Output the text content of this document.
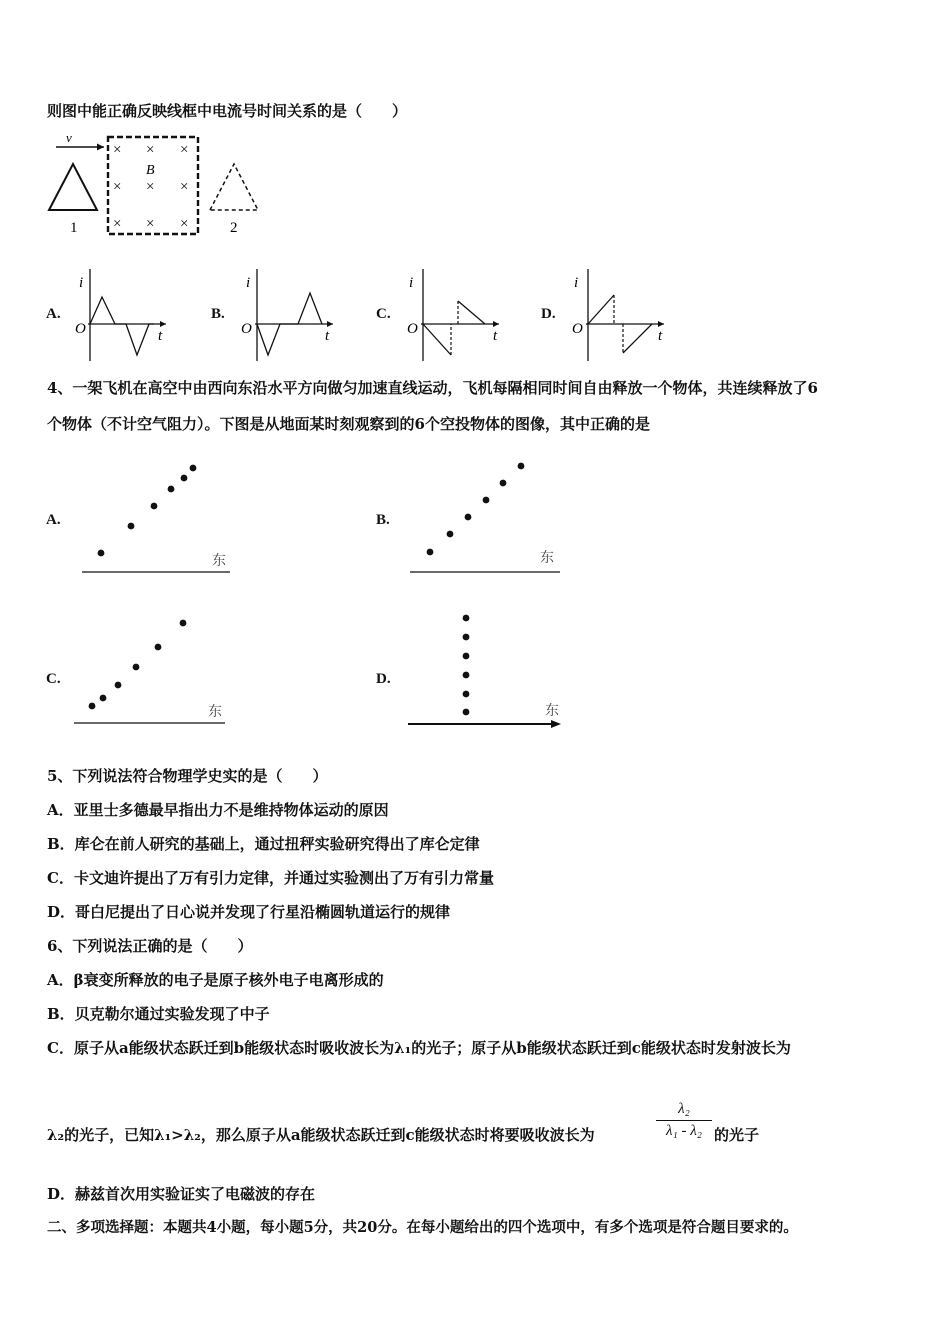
则图中能正确反映线框中电流号时间关系的是（　　）
v
1
B
× × ×
× × ×
× × ×	2
A.
i
t
O
B.
i
t
O
C.
i
t
O
D.
i
t
O
4、一架飞机在高空中由西向东沿水平方向做匀加速直线运动，飞机每隔相同时间自由释放一个物体，共连续释放了6
个物体（不计空气阻力）。下图是从地面某时刻观察到的6个空投物体的图像，其中正确的是
A.
东
B.
东
C.
东
D.
东
5、下列说法符合物理学史实的是（　　）
A．亚里士多德最早指出力不是维持物体运动的原因
B．库仑在前人研究的基础上，通过扭秤实验研究得出了库仑定律
C．卡文迪许提出了万有引力定律，并通过实验测出了万有引力常量
D．哥白尼提出了日心说并发现了行星沿椭圆轨道运行的规律
6、下列说法正确的是（　　）
A．β衰变所释放的电子是原子核外电子电离形成的
B．贝克勒尔通过实验发现了中子
C．原子从a能级状态跃迁到b能级状态时吸收波长为λ₁的光子；原子从b能级状态跃迁到c能级状态时发射波长为
λ₂的光子，已知λ₁>λ₂，那么原子从a能级状态跃迁到c能级状态时将要吸收波长为
λ₂
λ₁ - λ₂ 的光子
D．赫兹首次用实验证实了电磁波的存在
二、多项选择题：本题共4小题，每小题5分，共20分。在每小题给出的四个选项中，有多个选项是符合题目要求的。
